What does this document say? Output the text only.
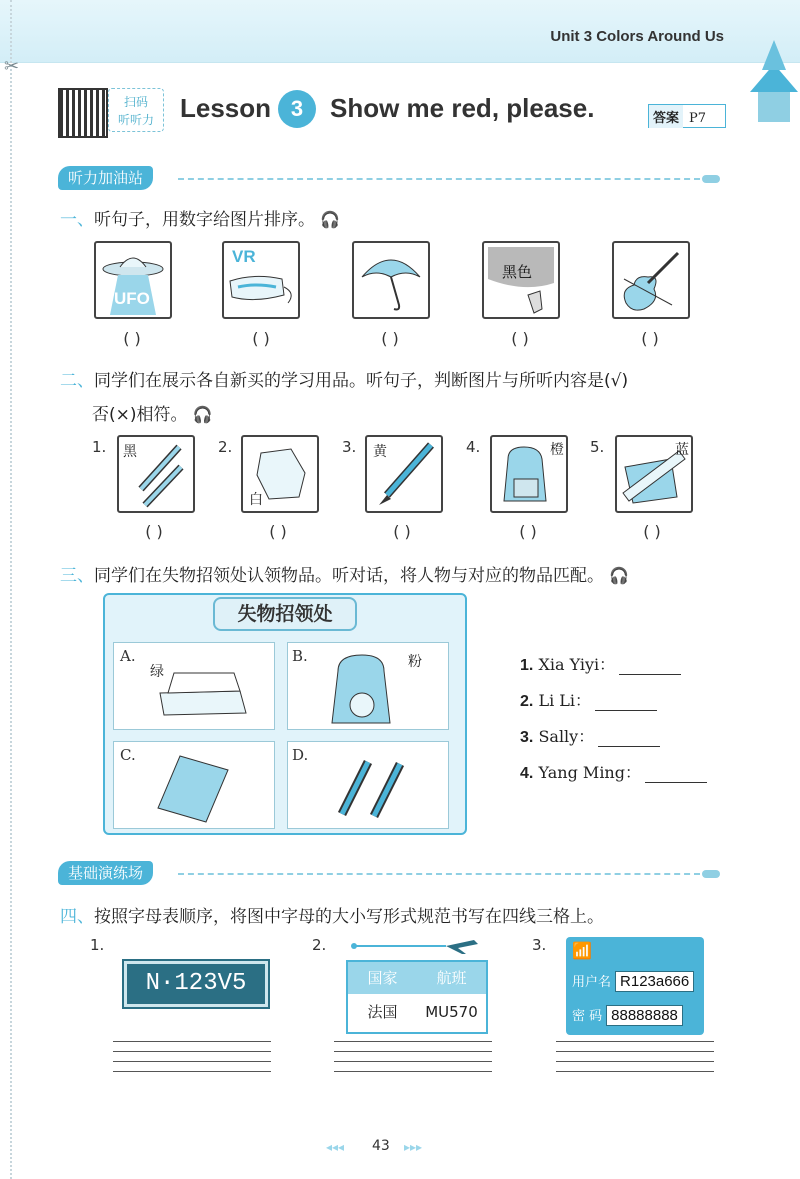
Unit 3 Colors Around Us
✂
扫码
听听力	Lesson 3	Show me red, please.	答案 P7
听力加油站
一、听句子，用数字给图片排序。 🎧
UFO
VR
黑色
( )	( )	( )	( )	( )
二、同学们在展示各自新买的学习用品。听句子，判断图片与所听内容是(√)
否(×)相符。 🎧
1. 黑	2.
白
3. 黄	4.	橙 5.	蓝
( )	( )	( )	( )	( )
三、同学们在失物招领处认领物品。听对话，将人物与对应的物品匹配。 🎧
失物招领处
A.
绿
B.	粉
C.	D.
1. Xia Yiyi：
2. Li Li：
3. Sally：
4. Yang Ming：
基础演练场
四、按照字母表顺序，将图中字母的大小写形式规范书写在四线三格上。
1.
N·123V5
2.
国家	航班
法国	MU570
3. 📶
用户名 R123a666
密 码 88888888
◂◂◂ 43 ▸▸▸
